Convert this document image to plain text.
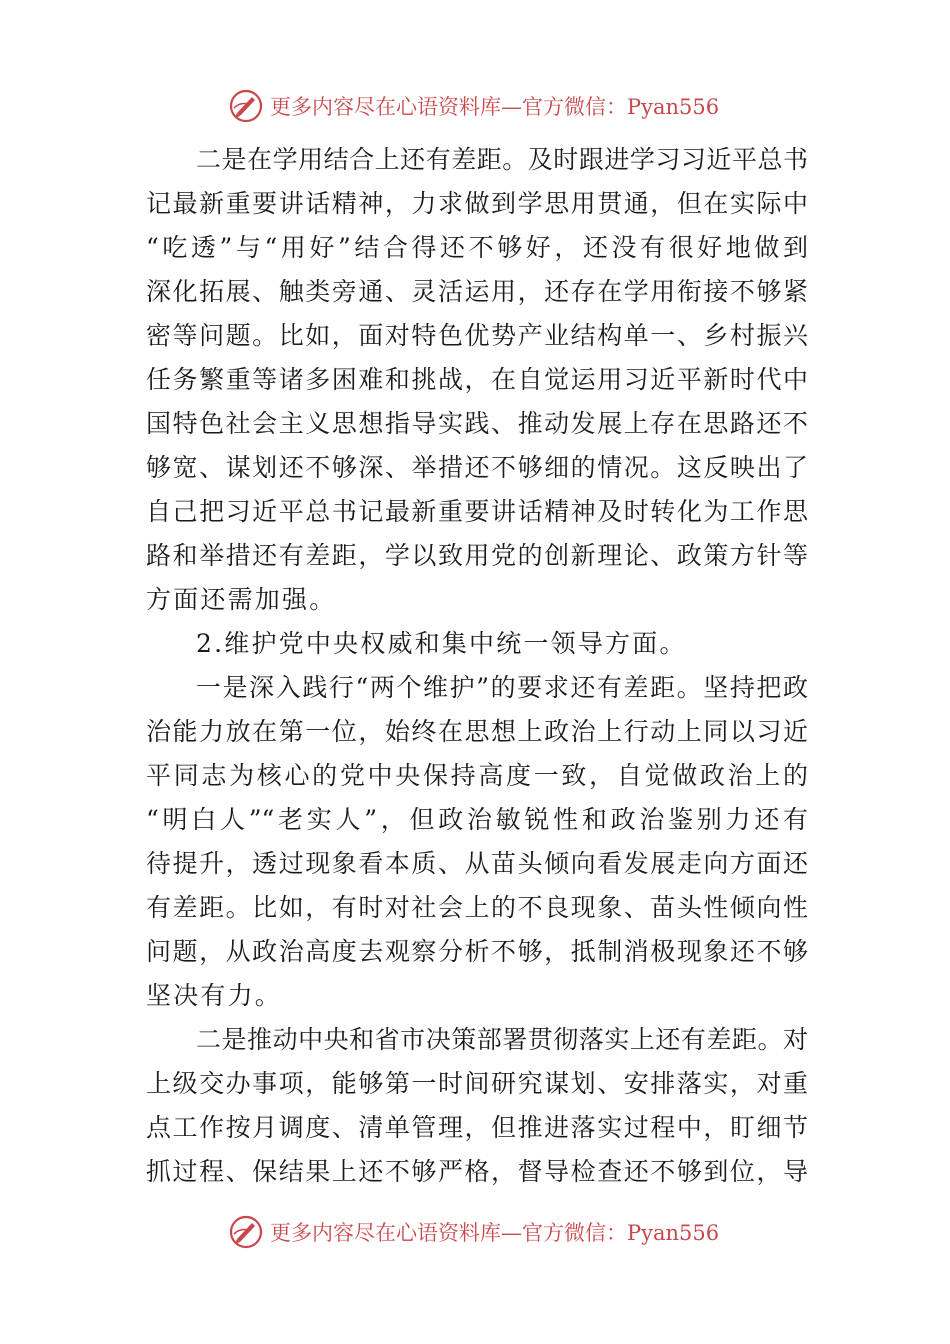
更多内容尽在心语资料库—官方微信：Pyan556
二是在学用结合上还有差距。及时跟进学习习近平总书
记最新重要讲话精神，力求做到学思用贯通，但在实际中
“吃透”与“用好”结合得还不够好，还没有很好地做到
深化拓展、触类旁通、灵活运用，还存在学用衔接不够紧
密等问题。比如，面对特色优势产业结构单一、乡村振兴
任务繁重等诸多困难和挑战，在自觉运用习近平新时代中
国特色社会主义思想指导实践、推动发展上存在思路还不
够宽、谋划还不够深、举措还不够细的情况。这反映出了
自己把习近平总书记最新重要讲话精神及时转化为工作思
路和举措还有差距，学以致用党的创新理论、政策方针等
方面还需加强。
2.维护党中央权威和集中统一领导方面。
一是深入践行“两个维护”的要求还有差距。坚持把政
治能力放在第一位，始终在思想上政治上行动上同以习近
平同志为核心的党中央保持高度一致，自觉做政治上的
“明白人”“老实人”，但政治敏锐性和政治鉴别力还有
待提升，透过现象看本质、从苗头倾向看发展走向方面还
有差距。比如，有时对社会上的不良现象、苗头性倾向性
问题，从政治高度去观察分析不够，抵制消极现象还不够
坚决有力。
二是推动中央和省市决策部署贯彻落实上还有差距。对
上级交办事项，能够第一时间研究谋划、安排落实，对重
点工作按月调度、清单管理，但推进落实过程中，盯细节
抓过程、保结果上还不够严格，督导检查还不够到位，导
更多内容尽在心语资料库—官方微信：Pyan556
